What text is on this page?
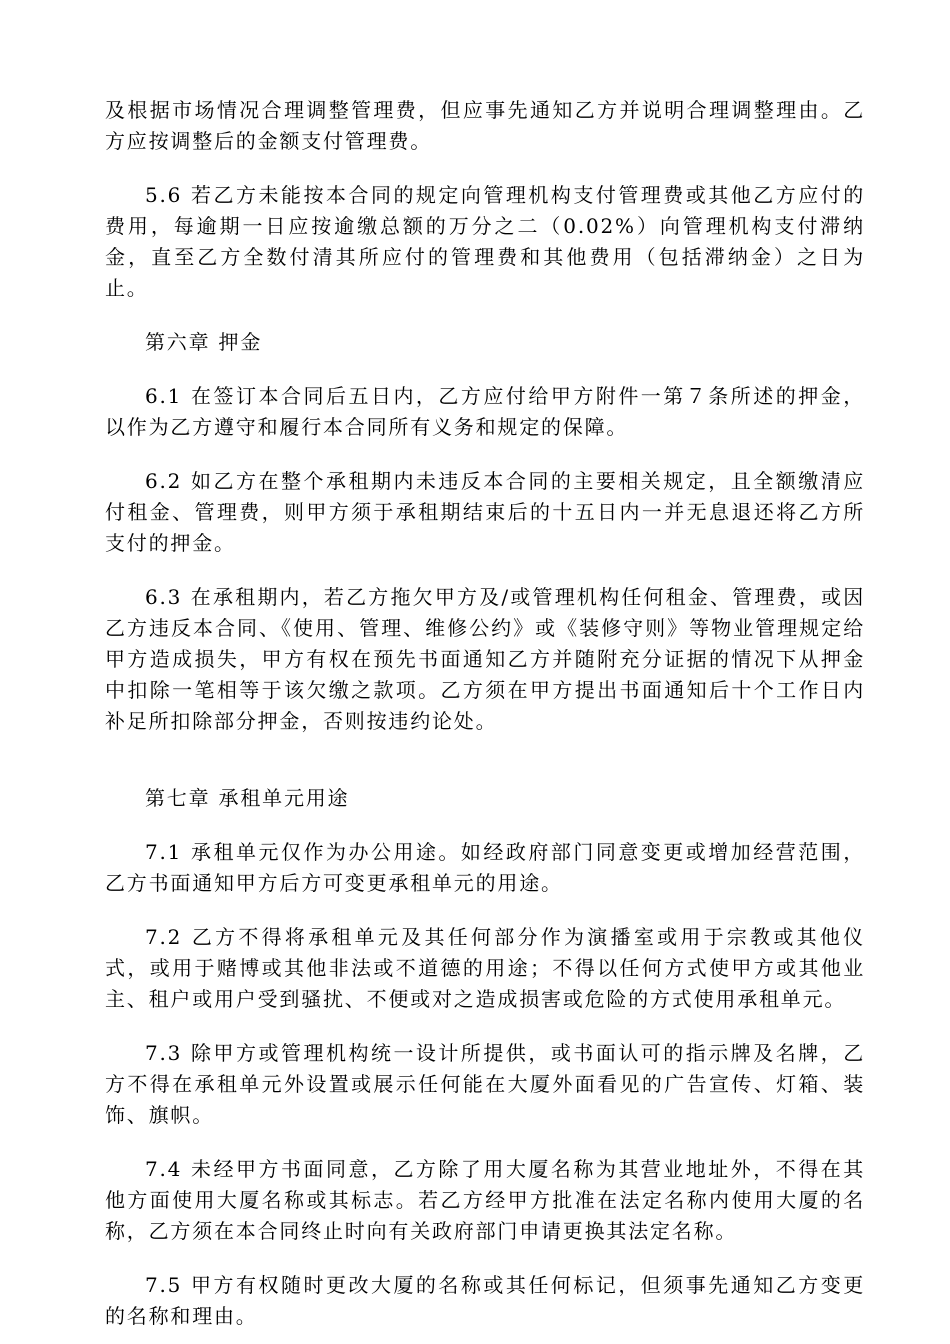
及根据市场情况合理调整管理费，但应事先通知乙方并说明合理调整理由。乙方应按调整后的金额支付管理费。

5.6 若乙方未能按本合同的规定向管理机构支付管理费或其他乙方应付的费用，每逾期一日应按逾缴总额的万分之二（0.02%）向管理机构支付滞纳金，直至乙方全数付清其所应付的管理费和其他费用（包括滞纳金）之日为止。

第六章 押金

6.1 在签订本合同后五日内，乙方应付给甲方附件一第７条所述的押金，以作为乙方遵守和履行本合同所有义务和规定的保障。

6.2 如乙方在整个承租期内未违反本合同的主要相关规定，且全额缴清应付租金、管理费，则甲方须于承租期结束后的十五日内一并无息退还将乙方所支付的押金。

6.3 在承租期内，若乙方拖欠甲方及/或管理机构任何租金、管理费，或因乙方违反本合同、《使用、管理、维修公约》或《装修守则》等物业管理规定给甲方造成损失，甲方有权在预先书面通知乙方并随附充分证据的情况下从押金中扣除一笔相等于该欠缴之款项。乙方须在甲方提出书面通知后十个工作日内补足所扣除部分押金，否则按违约论处。

第七章 承租单元用途

7.1 承租单元仅作为办公用途。如经政府部门同意变更或增加经营范围，乙方书面通知甲方后方可变更承租单元的用途。

7.2 乙方不得将承租单元及其任何部分作为演播室或用于宗教或其他仪式，或用于赌博或其他非法或不道德的用途；不得以任何方式使甲方或其他业主、租户或用户受到骚扰、不便或对之造成损害或危险的方式使用承租单元。

7.3 除甲方或管理机构统一设计所提供，或书面认可的指示牌及名牌，乙方不得在承租单元外设置或展示任何能在大厦外面看见的广告宣传、灯箱、装饰、旗帜。

7.4 未经甲方书面同意，乙方除了用大厦名称为其营业地址外，不得在其他方面使用大厦名称或其标志。若乙方经甲方批准在法定名称内使用大厦的名称，乙方须在本合同终止时向有关政府部门申请更换其法定名称。

7.5 甲方有权随时更改大厦的名称或其任何标记，但须事先通知乙方变更的名称和理由。
